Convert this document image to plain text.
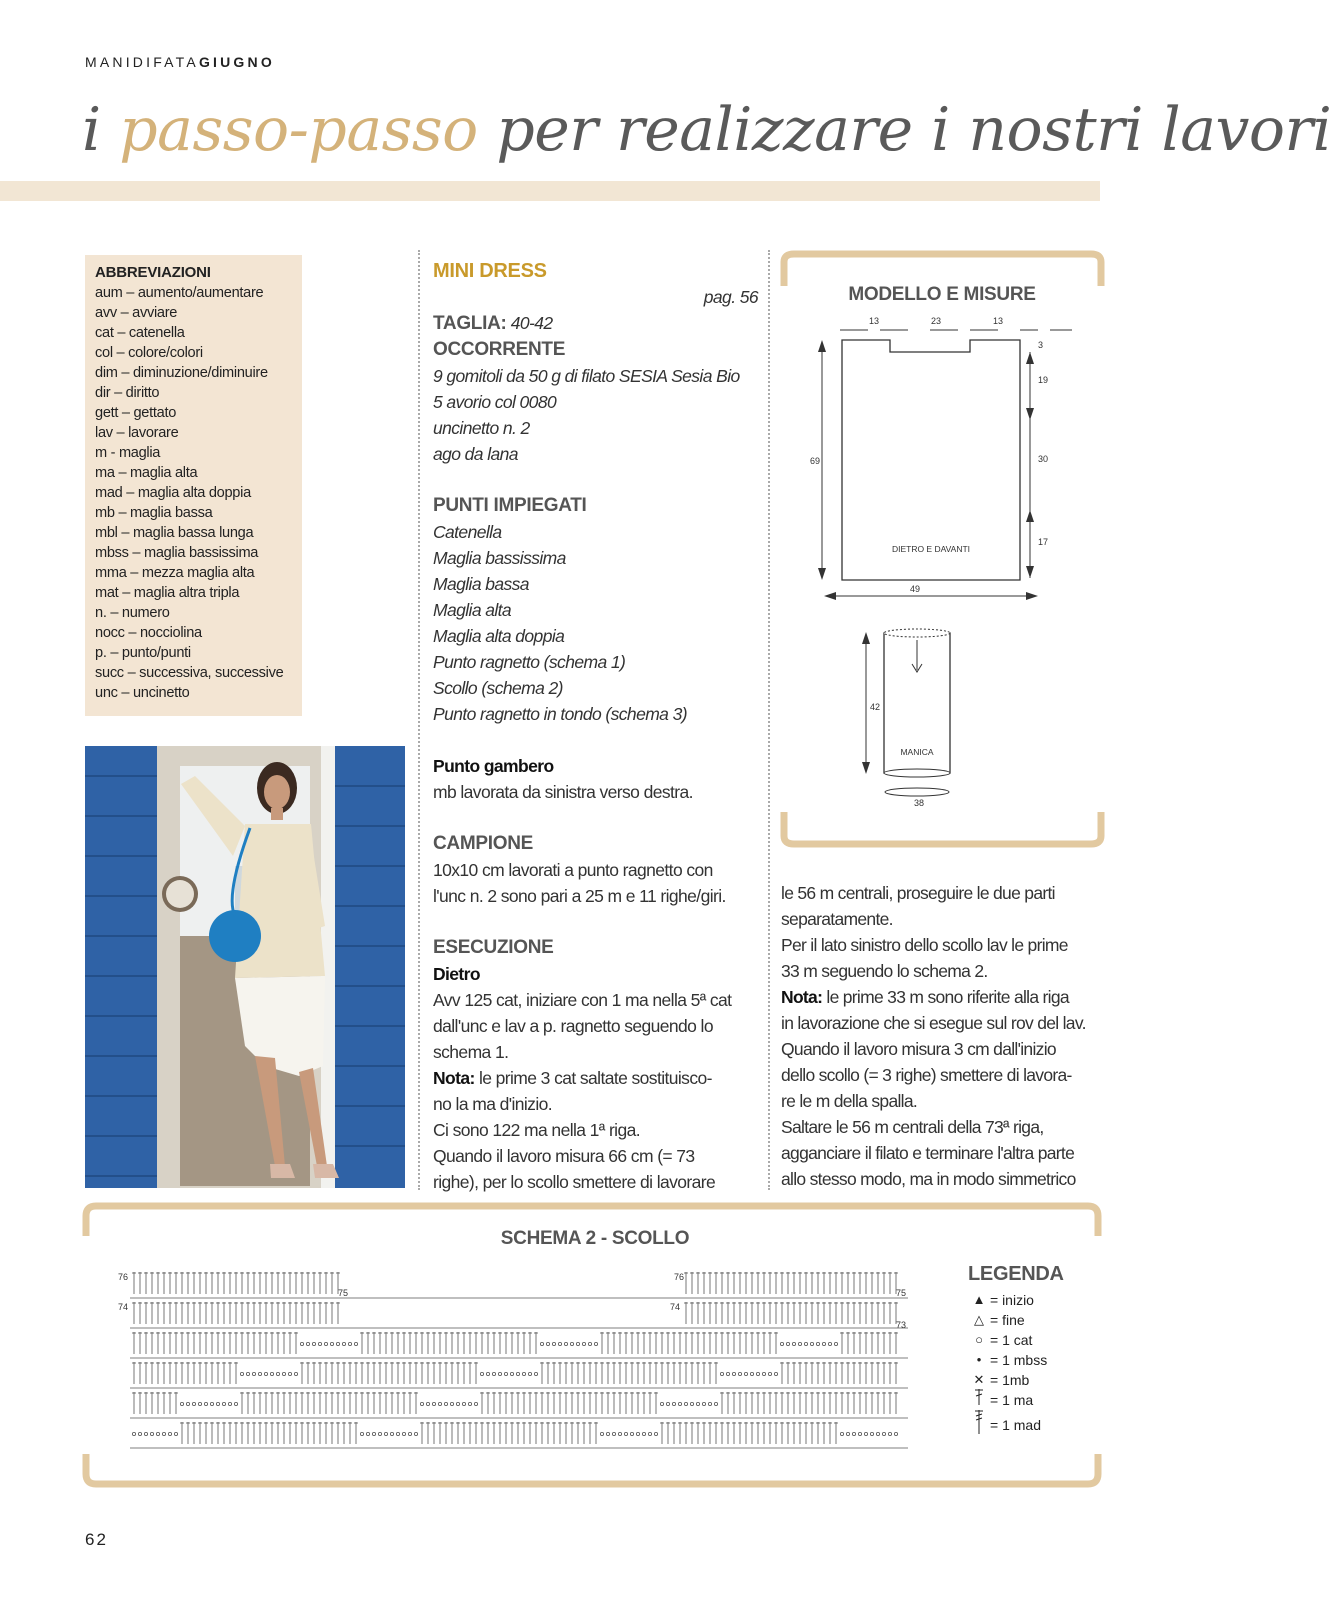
MANIDIFATAGIUGNO
i passo-passo per realizzare i nostri lavori
ABBREVIAZIONI
aum – aumento/aumentare
avv – avviare
cat – catenella
col – colore/colori
dim – diminuzione/diminuire
dir – diritto
gett – gettato
lav – lavorare
m - maglia
ma – maglia alta
mad – maglia alta doppia
mb – maglia bassa
mbl – maglia bassa lunga
mbss – maglia bassissima
mma – mezza maglia alta
mat – maglia altra tripla
n. – numero
nocc – nocciolina
p. – punto/punti
succ – successiva, successive
unc – uncinetto
MINI DRESS
pag. 56
TAGLIA: 40-42
OCCORRENTE
9 gomitoli da 50 g di filato SESIA Sesia Bio
5 avorio col 0080
uncinetto n. 2
ago da lana

PUNTI IMPIEGATI
Catenella
Maglia bassissima
Maglia bassa
Maglia alta
Maglia alta doppia
Punto ragnetto (schema 1)
Scollo (schema 2)
Punto ragnetto in tondo (schema 3)

Punto gambero
mb lavorata da sinistra verso destra.
CAMPIONE
10x10 cm lavorati a punto ragnetto con
l'unc n. 2 sono pari a 25 m e 11 righe/giri.
ESECUZIONE
Dietro
Avv 125 cat, iniziare con 1 ma nella 5ª cat
dall'unc e lav a p. ragnetto seguendo lo
schema 1.
Nota: le prime 3 cat saltate sostituisco-
no la ma d'inizio.
Ci sono 122 ma nella 1ª riga.
Quando il lavoro misura 66 cm (= 73
righe), per lo scollo smettere di lavorare
MODELLO E MISURE
13	23	13
69
3
19
30
17
DIETRO E DAVANTI
49
42
MANICA
38
le 56 m centrali, proseguire le due parti
separatamente.
Per il lato sinistro dello scollo lav le prime
33 m seguendo lo schema 2.
Nota: le prime 33 m sono riferite alla riga
in lavorazione che si esegue sul rov del lav.
Quando il lavoro misura 3 cm dall'inizio
dello scollo (= 3 righe) smettere di lavora-
re le m della spalla.
Saltare le 56 m centrali della 73ª riga,
agganciare il filato e terminare l'altra parte
allo stesso modo, ma in modo simmetrico
SCHEMA 2 - SCOLLO
76
74
75
76
74
75
73
LEGENDA
▲ = inizio
△ = fine
○ = 1 cat
• = 1 mbss
✕ = 1mb
= 1 ma
= 1 mad
62
